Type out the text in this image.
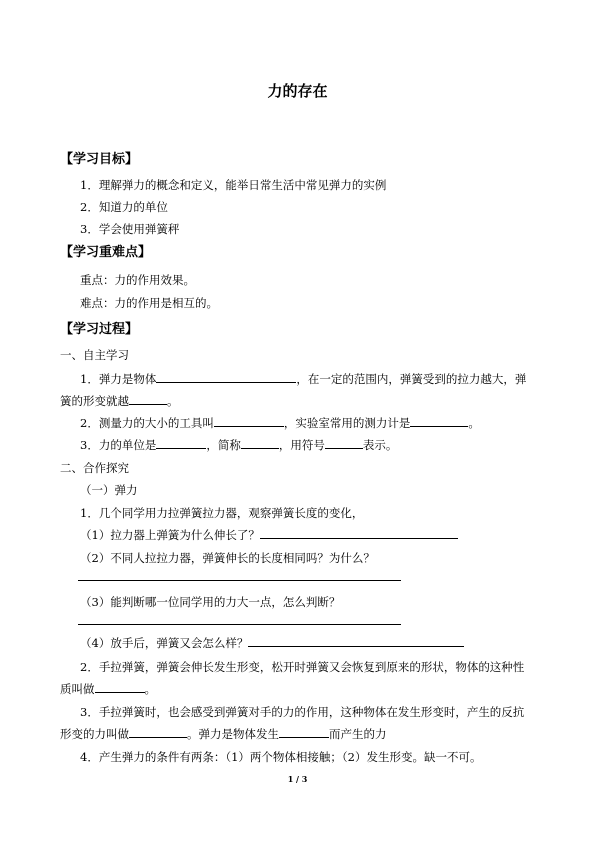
力的存在
【学习目标】
1．理解弹力的概念和定义，能举日常生活中常见弹力的实例
2．知道力的单位
3．学会使用弹簧秤
【学习重难点】
重点：力的作用效果。
难点：力的作用是相互的。
【学习过程】
一、自主学习
1．弹力是物体	，在一定的范围内，弹簧受到的拉力越大，弹
簧的形变就越	。
2．测量力的大小的工具叫	，实验室常用的测力计是	。
3．力的单位是	，简称	，用符号	表示。
二、合作探究
（一）弹力
1．几个同学用力拉弹簧拉力器，观察弹簧长度的变化，
（1）拉力器上弹簧为什么伸长了？
（2）不同人拉拉力器，弹簧伸长的长度相同吗？为什么？
（3）能判断哪一位同学用的力大一点，怎么判断？
（4）放手后，弹簧又会怎么样？
2．手拉弹簧，弹簧会伸长发生形变，松开时弹簧又会恢复到原来的形状，物体的这种性
质叫做	。
3．手拉弹簧时，也会感受到弹簧对手的力的作用，这种物体在发生形变时，产生的反抗
形变的力叫做	。弹力是物体发生	而产生的力
4．产生弹力的条件有两条：（1）两个物体相接触；（2）发生形变。缺一不可。
1 / 3
